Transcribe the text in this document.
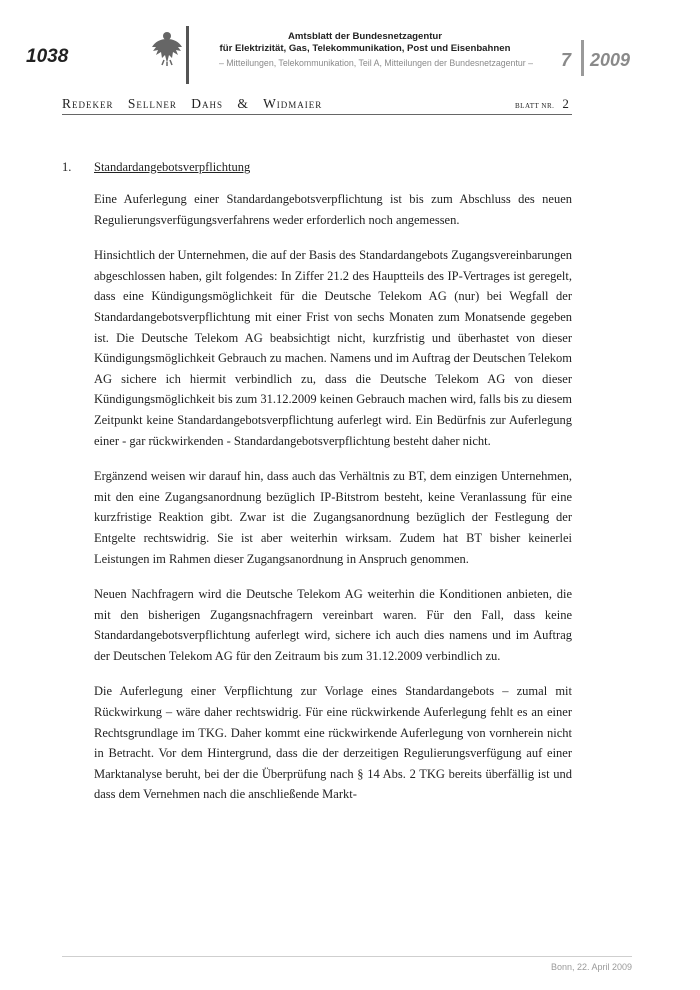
1038
Amtsblatt der Bundesnetzagentur
für Elektrizität, Gas, Telekommunikation, Post und Eisenbahnen
– Mitteilungen, Telekommunikation, Teil A, Mitteilungen der Bundesnetzagentur –	7 2009
Redeker Sellner Dahs & Widmaier	BLATT NR. 2
1.	Standardangebotsverpflichtung

Eine Auferlegung einer Standardangebotsverpflichtung ist bis zum Abschluss des neuen Regulierungsverfügungsverfahrens weder erforderlich noch angemessen.

Hinsichtlich der Unternehmen, die auf der Basis des Standardangebots Zugangsvereinbarungen abgeschlossen haben, gilt folgendes: In Ziffer 21.2 des Hauptteils des IP-Vertrages ist geregelt, dass eine Kündigungsmöglichkeit für die Deutsche Telekom AG (nur) bei Wegfall der Standardangebotsverpflichtung mit einer Frist von sechs Monaten zum Monatsende gegeben ist. Die Deutsche Telekom AG beabsichtigt nicht, kurzfristig und überhastet von dieser Kündigungsmöglichkeit Gebrauch zu machen. Namens und im Auftrag der Deutschen Telekom AG sichere ich hiermit verbindlich zu, dass die Deutsche Telekom AG von dieser Kündigungsmöglichkeit bis zum 31.12.2009 keinen Gebrauch machen wird, falls bis zu diesem Zeitpunkt keine Standardangebotsverpflichtung auferlegt wird. Ein Bedürfnis zur Auferlegung einer - gar rückwirkenden - Standardangebotsverpflichtung besteht daher nicht.

Ergänzend weisen wir darauf hin, dass auch das Verhältnis zu BT, dem einzigen Unternehmen, mit den eine Zugangsanordnung bezüglich IP-Bitstrom besteht, keine Veranlassung für eine kurzfristige Reaktion gibt. Zwar ist die Zugangsanordnung bezüglich der Festlegung der Entgelte rechtswidrig. Sie ist aber weiterhin wirksam. Zudem hat BT bisher keinerlei Leistungen im Rahmen dieser Zugangsanordnung in Anspruch genommen.

Neuen Nachfragern wird die Deutsche Telekom AG weiterhin die Konditionen anbieten, die mit den bisherigen Zugangsnachfragern vereinbart waren. Für den Fall, dass keine Standardangebotsverpflichtung auferlegt wird, sichere ich auch dies namens und im Auftrag der Deutschen Telekom AG für den Zeitraum bis zum 31.12.2009 verbindlich zu.

Die Auferlegung einer Verpflichtung zur Vorlage eines Standardangebots – zumal mit Rückwirkung – wäre daher rechtswidrig. Für eine rückwirkende Auferlegung fehlt es an einer Rechtsgrundlage im TKG. Daher kommt eine rückwirkende Auferlegung von vornherein nicht in Betracht. Vor dem Hintergrund, dass die der derzeitigen Regulierungsverfügung auf einer Marktanalyse beruht, bei der die Überprüfung nach § 14 Abs. 2 TKG bereits überfällig ist und dass dem Vernehmen nach die anschließende Markt-

Bonn, 22. April 2009
